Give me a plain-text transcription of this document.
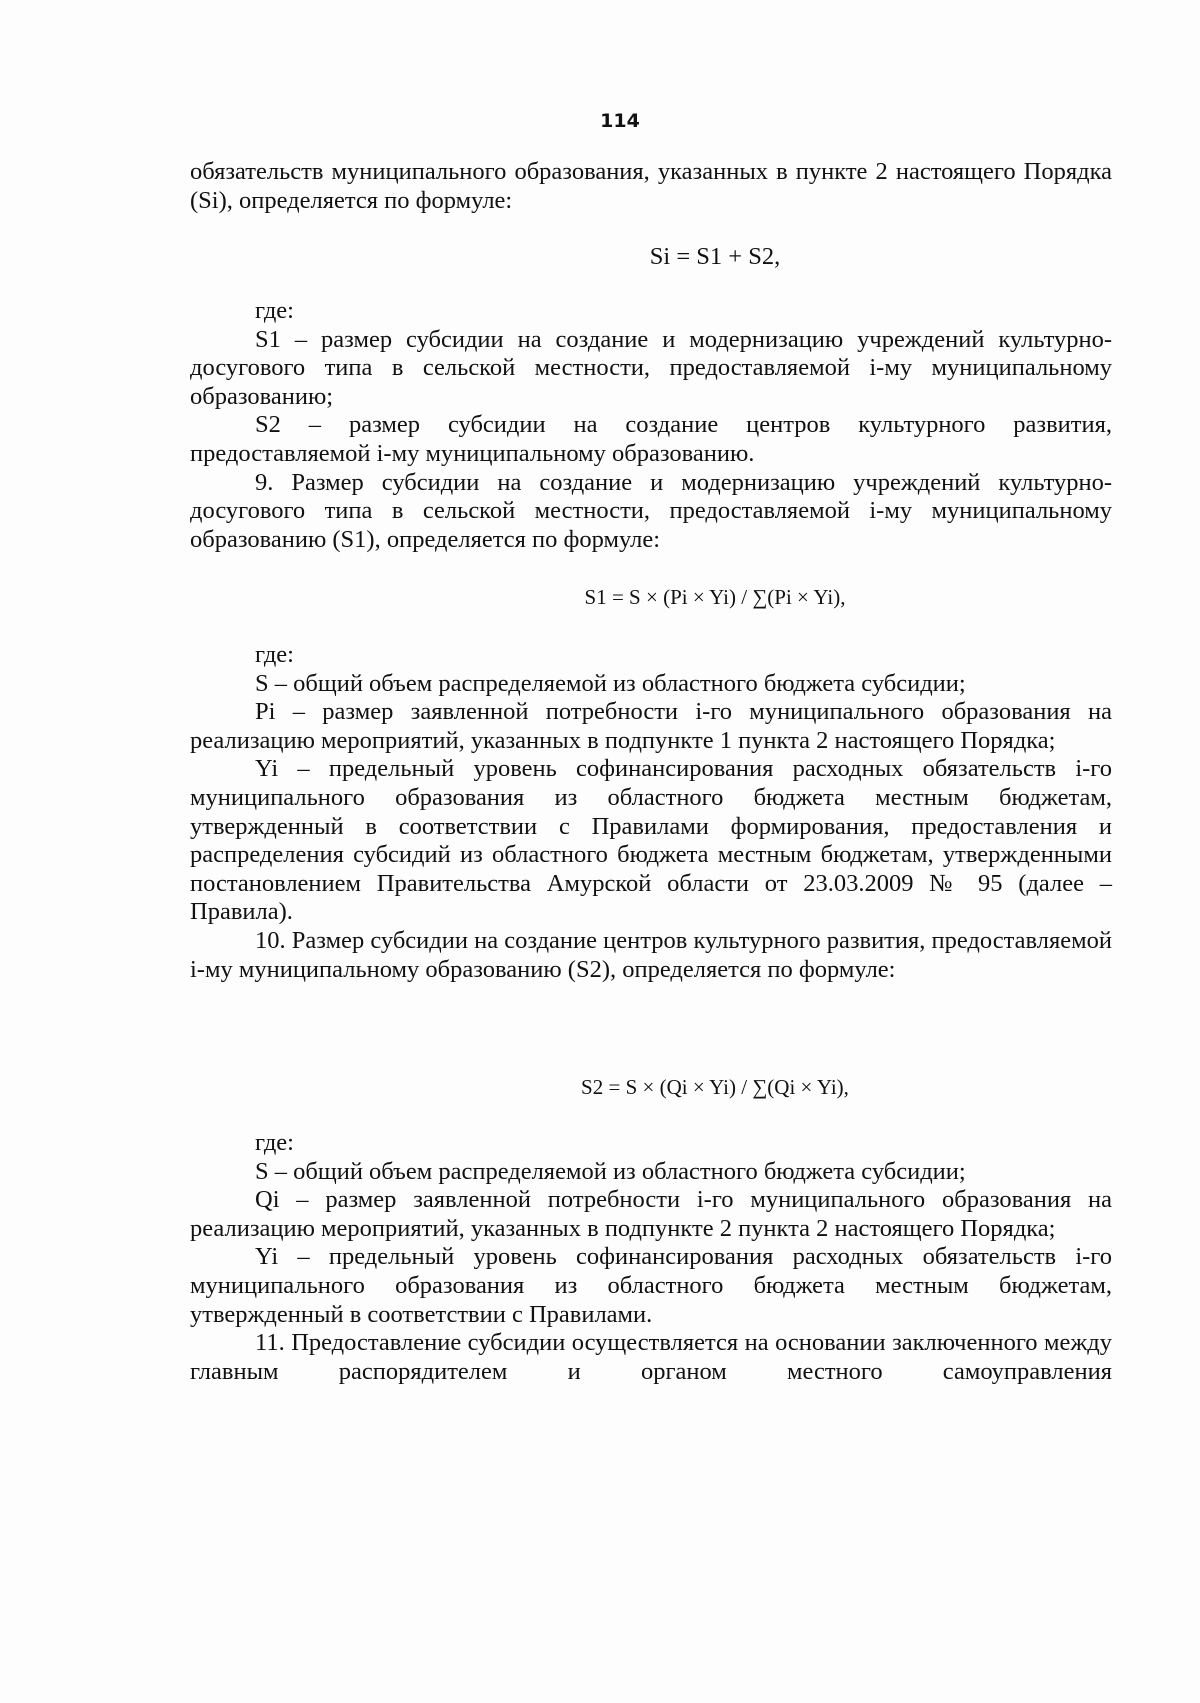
114

обязательств муниципального образования, указанных в пункте 2 настоящего Порядка (Si), определяется по формуле:

Si = S1 + S2,

где:

S1 – размер субсидии на создание и модернизацию учреждений культурно-досугового типа в сельской местности, предоставляемой i-му муниципальному образованию;

S2 – размер субсидии на создание центров культурного развития, предоставляемой i-му муниципальному образованию.

9. Размер субсидии на создание и модернизацию учреждений культурно-досугового типа в сельской местности, предоставляемой i-му муниципальному образованию (S1), определяется по формуле:

S1 = S × (Pi × Yi) / ∑(Pi × Yi),

где:

S – общий объем распределяемой из областного бюджета субсидии;

Pi – размер заявленной потребности i-го муниципального образования на реализацию мероприятий, указанных в подпункте 1 пункта 2 настоящего Порядка;

Yi – предельный уровень софинансирования расходных обязательств i-го муниципального образования из областного бюджета местным бюджетам, утвержденный в соответствии с Правилами формирования, предоставления и распределения субсидий из областного бюджета местным бюджетам, утвержденными постановлением Правительства Амурской области от 23.03.2009 № 95 (далее – Правила).

10. Размер субсидии на создание центров культурного развития, предоставляемой i-му муниципальному образованию (S2), определяется по формуле:

S2 = S × (Qi × Yi) / ∑(Qi × Yi),

где:

S – общий объем распределяемой из областного бюджета субсидии;

Qi – размер заявленной потребности i-го муниципального образования на реализацию мероприятий, указанных в подпункте 2 пункта 2 настоящего Порядка;

Yi – предельный уровень софинансирования расходных обязательств i-го муниципального образования из областного бюджета местным бюджетам, утвержденный в соответствии с Правилами.

11. Предоставление субсидии осуществляется на основании заключенного между главным распорядителем и органом местного самоуправления
